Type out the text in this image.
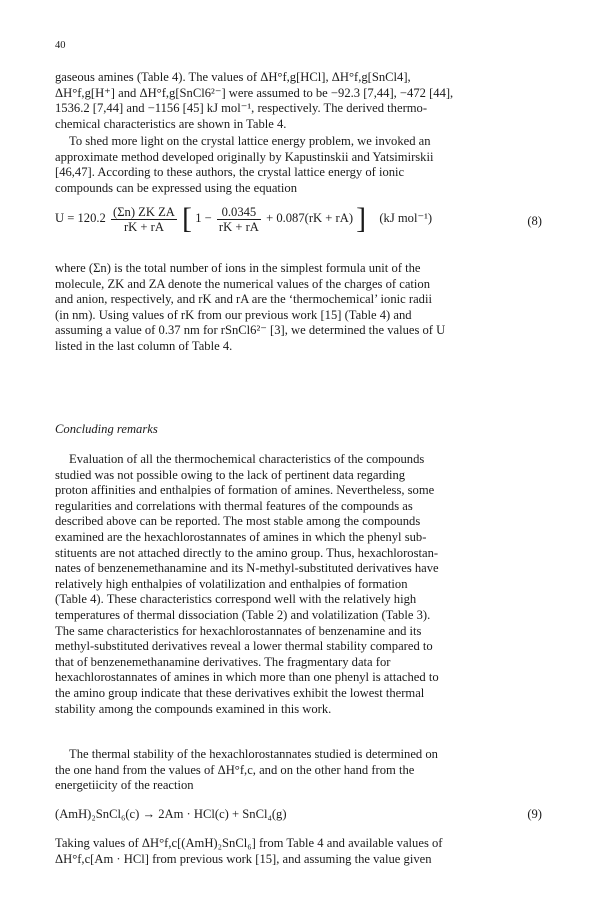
40

gaseous amines (Table 4). The values of ΔH°f,g[HCl], ΔH°f,g[SnCl4],

ΔH°f,g[H⁺] and ΔH°f,g[SnCl6²⁻] were assumed to be −92.3 [7,44], −472 [44],

1536.2 [7,44] and −1156 [45] kJ mol⁻¹, respectively. The derived thermo-

chemical characteristics are shown in Table 4.

To shed more light on the crystal lattice energy problem, we invoked an

approximate method developed originally by Kapustinskii and Yatsimirskii

[46,47]. According to these authors, the crystal lattice energy of ionic

compounds can be expressed using the equation

$U = 120.2 \frac{\text{(Σn) ZK ZA}}{rK + rA}$ [ $1 - \frac{0.0345}{rK + rA} + 0.087(rK + rA)$ ] (kJ mol⁻¹)	(8)

where (Σn) is the total number of ions in the simplest formula unit of the

molecule, ZK and ZA denote the numerical values of the charges of cation

and anion, respectively, and rK and rA are the ‘thermochemical’ ionic radii

(in nm). Using values of rK from our previous work [15] (Table 4) and

assuming a value of 0.37 nm for rSnCl6²⁻ [3], we determined the values of U

listed in the last column of Table 4.

Concluding remarks

Evaluation of all the thermochemical characteristics of the compounds

studied was not possible owing to the lack of pertinent data regarding

proton affinities and enthalpies of formation of amines. Nevertheless, some

regularities and correlations with thermal features of the compounds as

described above can be reported. The most stable among the compounds

examined are the hexachlorostannates of amines in which the phenyl sub-

stituents are not attached directly to the amino group. Thus, hexachlorostan-

nates of benzenemethanamine and its N-methyl-substituted derivatives have

relatively high enthalpies of volatilization and enthalpies of formation

(Table 4). These characteristics correspond well with the relatively high

temperatures of thermal dissociation (Table 2) and volatilization (Table 3).

The same characteristics for hexachlorostannates of benzenamine and its

methyl-substituted derivatives reveal a lower thermal stability compared to

that of benzenemethanamine derivatives. The fragmentary data for

hexachlorostannates of amines in which more than one phenyl is attached to

the amino group indicate that these derivatives exhibit the lowest thermal

stability among the compounds examined in this work.

The thermal stability of the hexachlorostannates studied is determined on

the one hand from the values of ΔH°f,c, and on the other hand from the

energetiicity of the reaction

(AmH)₂SnCl₆(c) → 2Am · HCl(c) + SnCl₄(g)	(9)

Taking values of ΔH°f,c[(AmH)₂SnCl₆] from Table 4 and available values of

ΔH°f,c[Am · HCl] from previous work [15], and assuming the value given
